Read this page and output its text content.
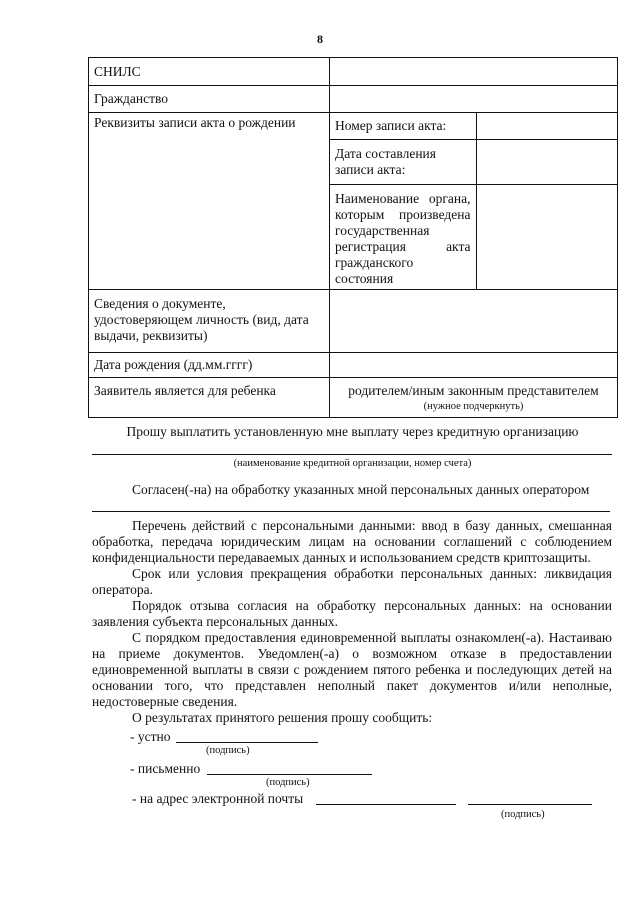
8
СНИЛС	
Гражданство	
Реквизиты записи акта о рождении		Номер записи акта:	
Дата составления записи акта:	
Наименование органа, которым произведена государственная регистрация акта гражданского состояния	

Сведения о документе, удостоверяющем личность (вид, дата выдачи, реквизиты)	
Дата рождения (дд.мм.гггг)	
Заявитель является для ребенка	родителем/иным законным представителем
(нужное подчеркнуть)
Прошу выплатить установленную мне выплату через кредитную организацию
(наименование кредитной организации, номер счета)
Согласен(-на) на обработку указанных мной персональных данных оператором
Перечень действий с персональными данными: ввод в базу данных, смешанная обработка, передача юридическим лицам на основании соглашений с соблюдением конфиденциальности передаваемых данных и использованием средств криптозащиты.
Срок или условия прекращения обработки персональных данных: ликвидация оператора.
Порядок отзыва согласия на обработку персональных данных: на основании заявления субъекта персональных данных.
С порядком предоставления единовременной выплаты ознакомлен(-а). Настаиваю на приеме документов. Уведомлен(-а) о возможном отказе в предоставлении единовременной выплаты в связи с рождением пятого ребенка и последующих детей на основании того, что представлен неполный пакет документов и/или неполные, недостоверные сведения.
О результатах принятого решения прошу сообщить:
- устно
(подпись)
- письменно
(подпись)
- на адрес электронной почты
(подпись)
